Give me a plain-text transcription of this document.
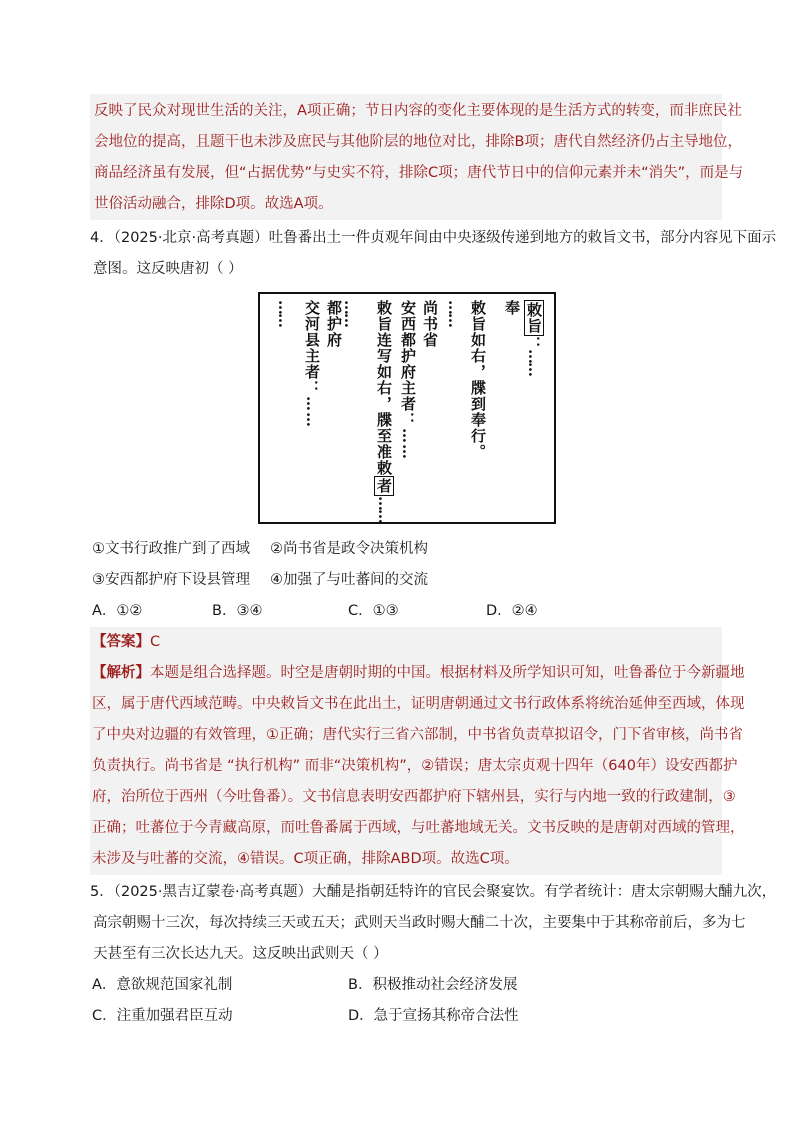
反映了民众对现世生活的关注，A项正确；节日内容的变化主要体现的是生活方式的转变，而非庶民社

会地位的提高，且题干也未涉及庶民与其他阶层的地位对比，排除B项；唐代自然经济仍占主导地位，

商品经济虽有发展，但“占据优势”与史实不符，排除C项；唐代节日中的信仰元素并未“消失”，而是与

世俗活动融合，排除D项。故选A项。

4．（2025·北京·高考真题）吐鲁番出土一件贞观年间由中央逐级传递到地方的敕旨文书，部分内容见下面示
意图。这反映唐初（ ）
敕旨：……
奉
敕旨如右，牒到奉行。
……
尚书省
安西都护府主者：……
敕旨连写如右，牒至准敕者……
……
都护府
交河县主者：……
……
①文书行政推广到了西域 ②尚书省是政令决策机构
③安西都护府下设县管理 ④加强了与吐蕃间的交流
A．①②	B．③④	C．①③	D．②④

【答案】C

【解析】本题是组合选择题。时空是唐朝时期的中国。根据材料及所学知识可知，吐鲁番位于今新疆地

区，属于唐代西域范畴。中央敕旨文书在此出土，证明唐朝通过文书行政体系将统治延伸至西域，体现

了中央对边疆的有效管理，①正确；唐代实行三省六部制，中书省负责草拟诏令，门下省审核，尚书省

负责执行。尚书省是 “执行机构” 而非“决策机构”，②错误；唐太宗贞观十四年（640年）设安西都护

府，治所位于西州（今吐鲁番）。文书信息表明安西都护府下辖州县，实行与内地一致的行政建制，③

正确；吐蕃位于今青藏高原，而吐鲁番属于西域，与吐蕃地域无关。文书反映的是唐朝对西域的管理，

未涉及与吐蕃的交流，④错误。C项正确，排除ABD项。故选C项。

5．（2025·黑吉辽蒙卷·高考真题）大酺是指朝廷特许的官民会聚宴饮。有学者统计：唐太宗朝赐大酺九次，
高宗朝赐十三次，每次持续三天或五天；武则天当政时赐大酺二十次，主要集中于其称帝前后，多为七
天甚至有三次长达九天。这反映出武则天（ ）
A．意欲规范国家礼制	B．积极推动社会经济发展
C．注重加强君臣互动	D．急于宣扬其称帝合法性
